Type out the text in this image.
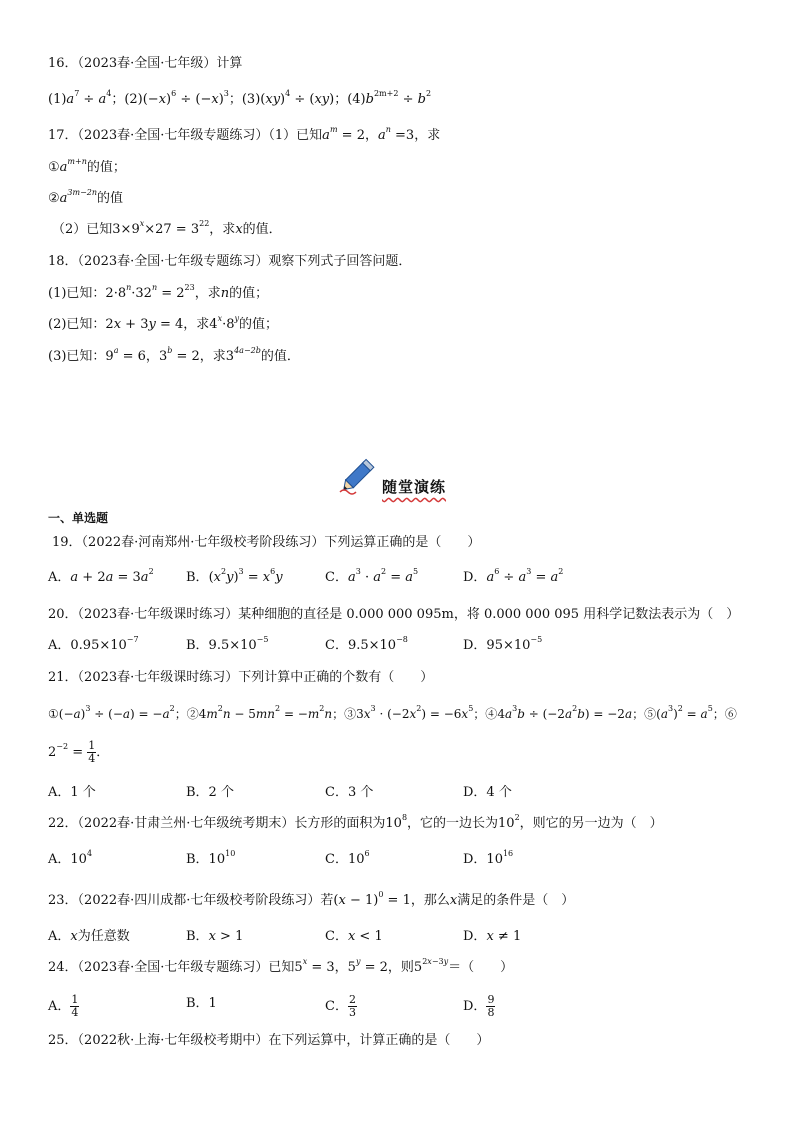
16．（2023春·全国·七年级）计算
$(1)a^7 \div a^4$；$(2)(-x)^6 \div (-x)^3$；(3)(xy)$^4$ ÷ (xy)；$(4)b^{2m+2} \div b^2$
17．（2023春·全国·七年级专题练习）（1）已知$a^m = 2$，$a^n =3$，求
$①a^{m+n}$的值；
$②a^{3m-2n}$的值
（2）已知$3\times 9^x\times 27 = 3^{22}$，求x的值．
18．（2023春·全国·七年级专题练习）观察下列式子回答问题．
(1)已知：$2\cdot 8^n\cdot 32^n = 2^{23}$，求n的值；
(2)已知：2x + 3y = 4，求$4^x\cdot 8^y$的值；
(3)已知：$9^a = 6$，$3^b = 2$，求$3^{4a-2b}$的值．
随堂演练
一、单选题
19．（2022春·河南郑州·七年级校考阶段练习）下列运算正确的是（　　）
A．$a + 2a = 3a^2$ B．$(x^2y)^3 = x^6y$	C．$a^3 \cdot a^2 = a^5$	D．$a^6 \div a^3 = a^2$
20．（2023春·七年级课时练习）某种细胞的直径是 0.000 000 095m，将 0.000 000 095 用科学记数法表示为（　）
A．$0.95\times 10^{-7}$	B．$9.5\times 10^{-5}$	C．$9.5\times 10^{-8}$	D．$95\times 10^{-5}$
21．（2023春·七年级课时练习）下列计算中正确的个数有（　　）
$①(-a)^3 \div (-a) = -a^2$；$②4m^2n - 5mn^2 = -m^2n$；$③3x^3 \cdot (-2x^2) = -6x^5$；$④4a^3b \div (-2a^2b) = -2a$；$⑤(a^3)^2 = a^5$；⑥
$2^{-2} = \frac{1}{4}$ ．
A．1 个	B．2 个	C．3 个	D．4 个
22．（2022春·甘肃兰州·七年级统考期末）长方形的面积为$10^8$，它的一边长为$10^2$，则它的另一边为（　）
A．$10^4$	B．$10^{10}$	C．$10^6$	D．$10^{16}$
23．（2022春·四川成都·七年级校考阶段练习）若$(x - 1)^0 = 1$，那么x满足的条件是（　）
A．x为任意数	B．x > 1	C．x < 1	D．x ≠ 1
24．（2023春·全国·七年级专题练习）已知$5^x = 3$，$5^y = 2$，则$5^{2x-3y}=$（　　）
A． $\frac{1}{4}$	B．1	C． $\frac{2}{3}$	D． $\frac{9}{8}$
25．（2022秋·上海·七年级校考期中）在下列运算中，计算正确的是（　　）
